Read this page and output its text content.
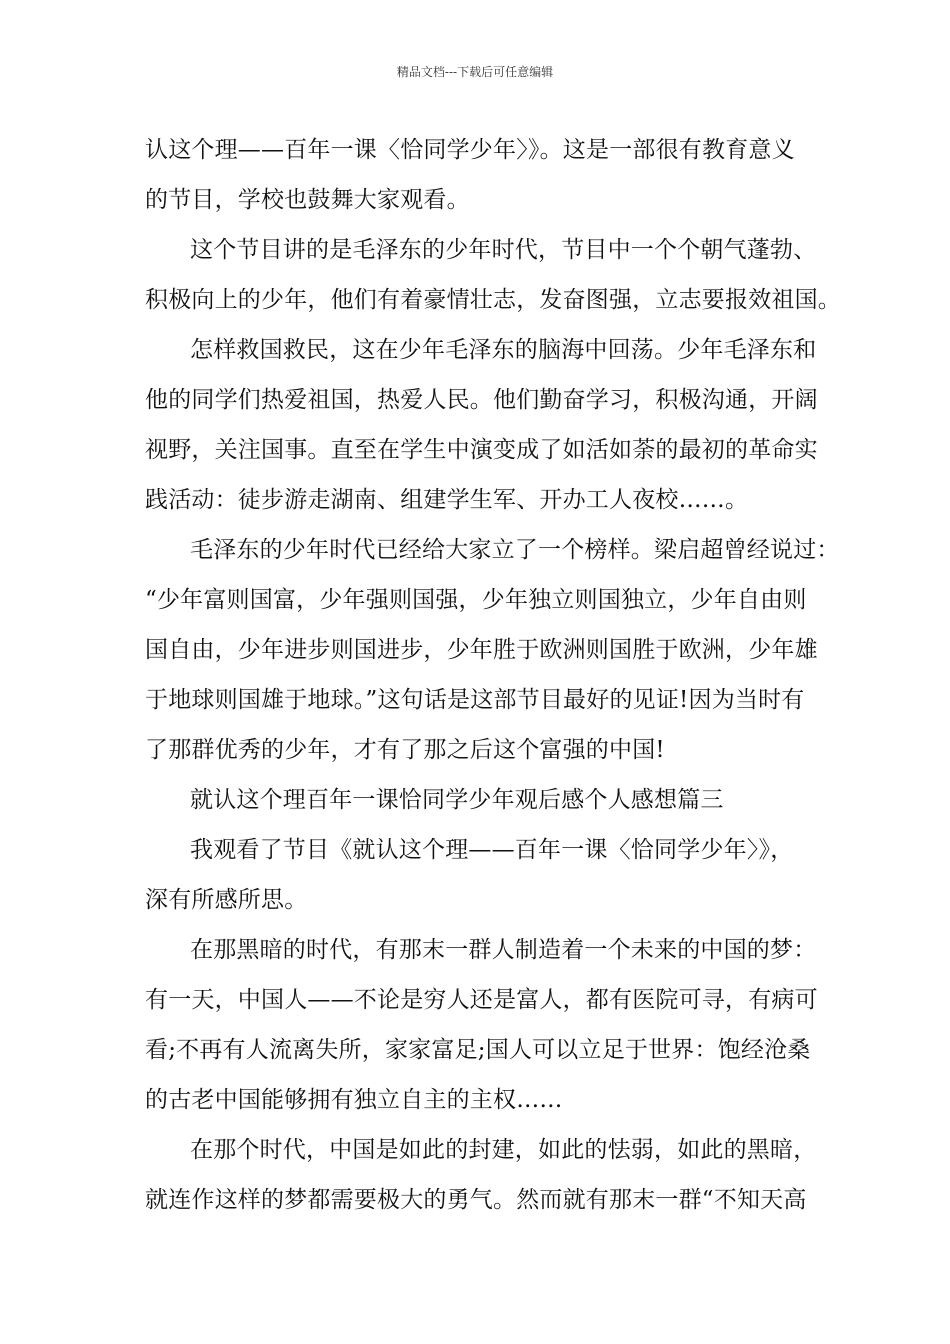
精品文档---下载后可任意编辑
认这个理——百年一课〈恰同学少年〉》。这是一部很有教育意义
的节目，学校也鼓舞大家观看。
这个节目讲的是毛泽东的少年时代，节目中一个个朝气蓬勃、
积极向上的少年，他们有着豪情壮志，发奋图强，立志要报效祖国。
怎样救国救民，这在少年毛泽东的脑海中回荡。少年毛泽东和
他的同学们热爱祖国，热爱人民。他们勤奋学习，积极沟通，开阔
视野，关注国事。直至在学生中演变成了如活如荼的最初的革命实
践活动：徒步游走湖南、组建学生军、开办工人夜校……。
毛泽东的少年时代已经给大家立了一个榜样。梁启超曾经说过：
“少年富则国富，少年强则国强，少年独立则国独立，少年自由则
国自由，少年进步则国进步，少年胜于欧洲则国胜于欧洲，少年雄
于地球则国雄于地球。”这句话是这部节目最好的见证!因为当时有
了那群优秀的少年，才有了那之后这个富强的中国!
就认这个理百年一课恰同学少年观后感个人感想篇三
我观看了节目《就认这个理——百年一课〈恰同学少年〉》，
深有所感所思。
在那黑暗的时代，有那末一群人制造着一个未来的中国的梦：
有一天，中国人——不论是穷人还是富人，都有医院可寻，有病可
看;不再有人流离失所，家家富足;国人可以立足于世界：饱经沧桑
的古老中国能够拥有独立自主的主权……
在那个时代，中国是如此的封建，如此的怯弱，如此的黑暗，
就连作这样的梦都需要极大的勇气。然而就有那末一群“不知天高
